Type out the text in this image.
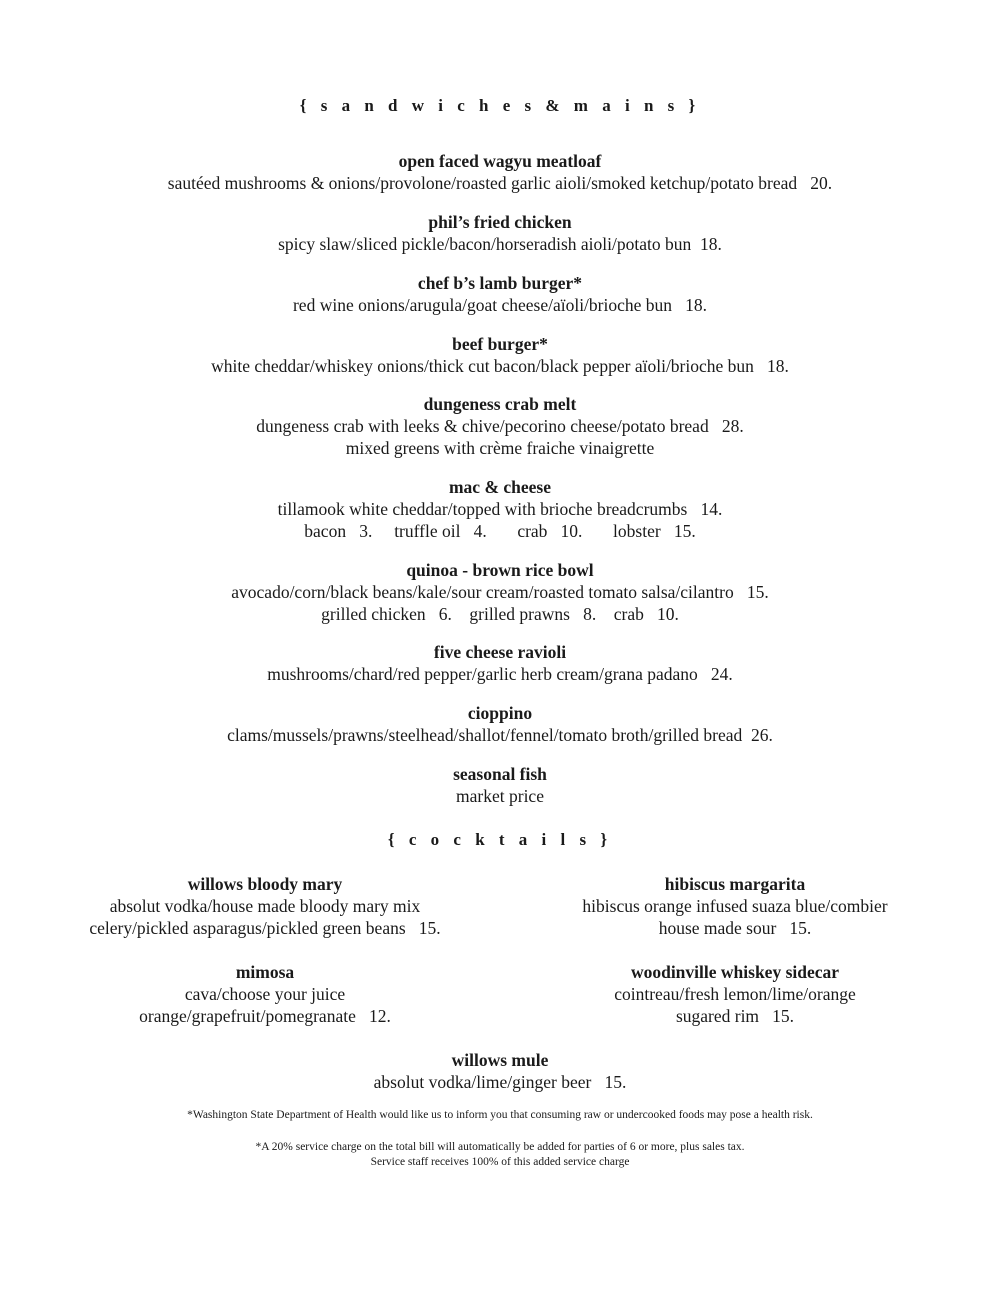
{ s a n d w i c h e s & m a i n s }
open faced wagyu meatloaf
sautéed mushrooms & onions/provolone/roasted garlic aioli/smoked ketchup/potato bread   20.
phil’s fried chicken
spicy slaw/sliced pickle/bacon/horseradish aioli/potato bun  18.
chef b’s lamb burger*
red wine onions/arugula/goat cheese/aïoli/brioche bun   18.
beef burger*
white cheddar/whiskey onions/thick cut bacon/black pepper aïoli/brioche bun   18.
dungeness crab melt
dungeness crab with leeks & chive/pecorino cheese/potato bread   28.
mixed greens with crème fraiche vinaigrette
mac & cheese
tillamook white cheddar/topped with brioche breadcrumbs   14.
bacon   3.     truffle oil   4.       crab   10.       lobster   15.
quinoa - brown rice bowl
avocado/corn/black beans/kale/sour cream/roasted tomato salsa/cilantro   15.
grilled chicken   6.    grilled prawns   8.    crab   10.
five cheese ravioli
mushrooms/chard/red pepper/garlic herb cream/grana padano   24.
cioppino
clams/mussels/prawns/steelhead/shallot/fennel/tomato broth/grilled bread  26.
seasonal fish
market price
{ c o c k t a i l s }
willows bloody mary
absolut vodka/house made bloody mary mix
celery/pickled asparagus/pickled green beans   15.
mimosa
cava/choose your juice
orange/grapefruit/pomegranate   12.
hibiscus margarita
hibiscus orange infused suaza blue/combier
house made sour   15.
woodinville whiskey sidecar
cointreau/fresh lemon/lime/orange
sugared rim   15.
willows mule
absolut vodka/lime/ginger beer   15.
*Washington State Department of Health would like us to inform you that consuming raw or undercooked foods may pose a health risk.
*A 20% service charge on the total bill will automatically be added for parties of 6 or more, plus sales tax.
Service staff receives 100% of this added service charge
